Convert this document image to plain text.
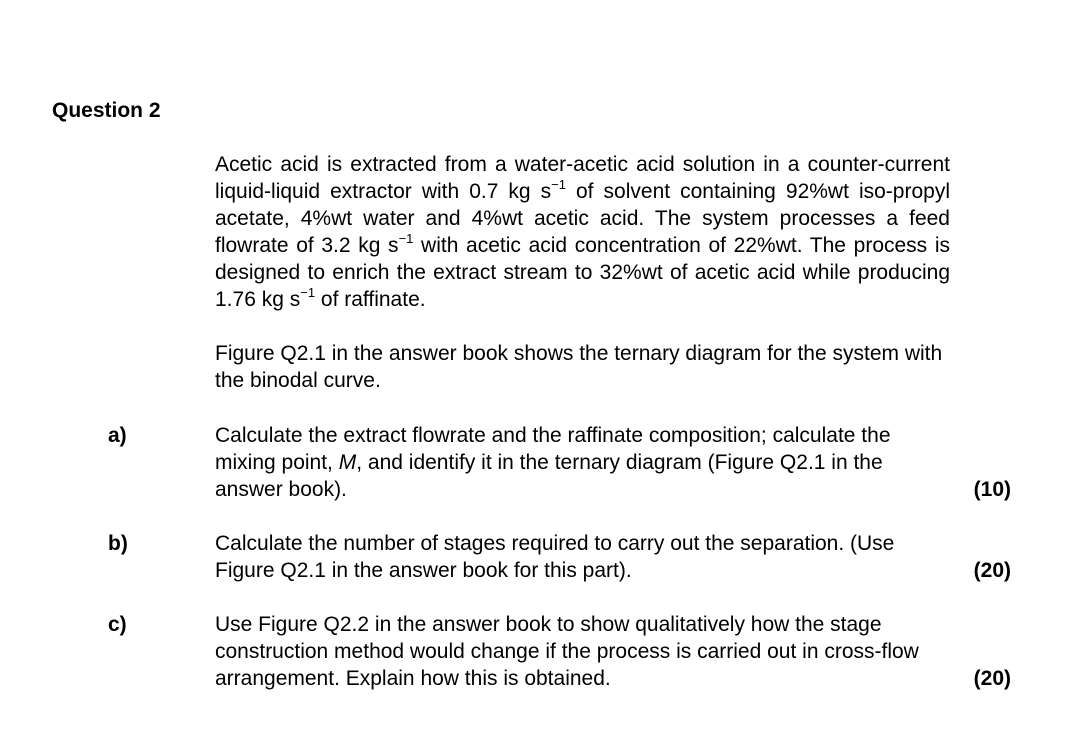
Question 2
Acetic acid is extracted from a water-acetic acid solution in a counter-current liquid-liquid extractor with 0.7 kg $s^{-1}$ of solvent containing 92%wt iso-propyl acetate, 4%wt water and 4%wt acetic acid. The system processes a feed flowrate of 3.2 kg $s^{-1}$ with acetic acid concentration of 22%wt. The process is designed to enrich the extract stream to 32%wt of acetic acid while producing 1.76 kg $s^{-1}$ of raffinate.
Figure Q2.1 in the answer book shows the ternary diagram for the system with the binodal curve.
a)	Calculate the extract flowrate and the raffinate composition; calculate the mixing point, M, and identify it in the ternary diagram (Figure Q2.1 in the answer book).	(10)
b)	Calculate the number of stages required to carry out the separation. (Use Figure Q2.1 in the answer book for this part).	(20)
c)	Use Figure Q2.2 in the answer book to show qualitatively how the stage construction method would change if the process is carried out in cross-flow arrangement. Explain how this is obtained.	(20)
